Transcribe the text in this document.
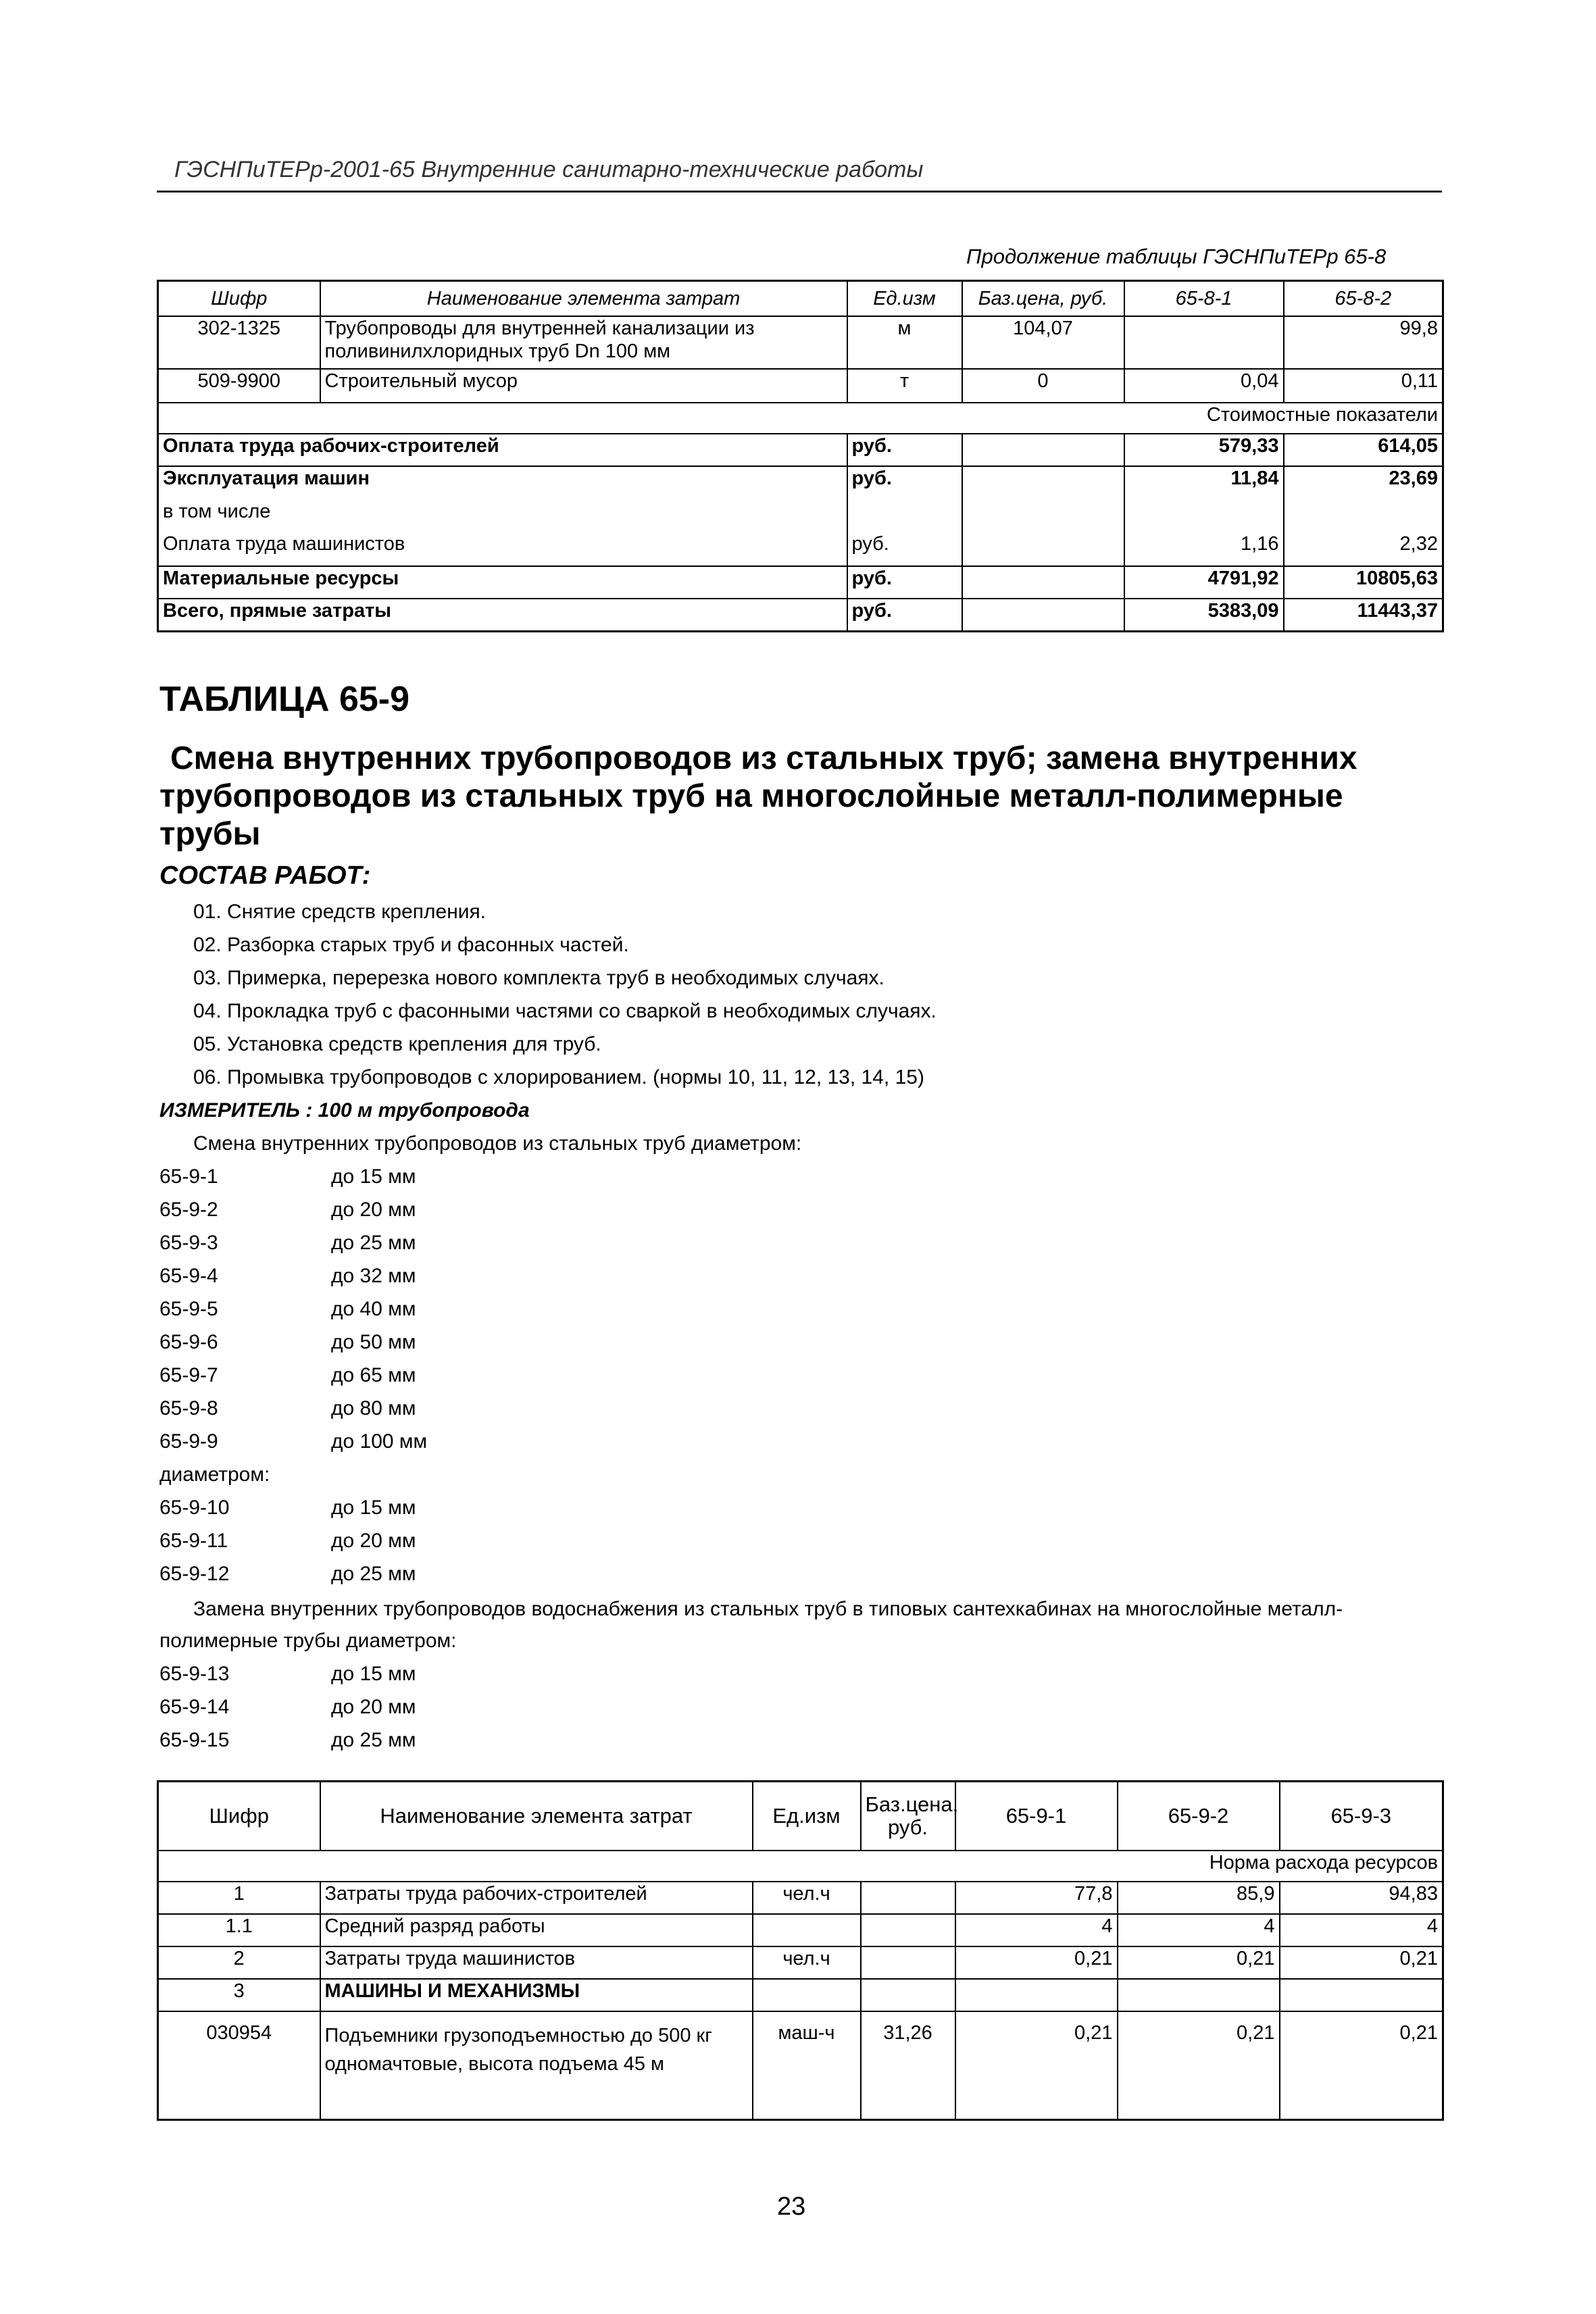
ГЭСНПиТЕРр-2001-65 Внутренние санитарно-технические работы
Продолжение таблицы ГЭСНПиТЕРр 65-8
Шифр	Наименование элемента затрат	Ед.изм	Баз.цена, руб.	65-8-1	65-8-2
302-1325	Трубопроводы для внутренней канализации из поливинилхлоридных труб Dn 100 мм	м	104,07		99,8
509-9900	Строительный мусор	т	0	0,04	0,11
Стоимостные показатели					
Оплата труда рабочих-строителей		руб.		579,33	614,05
Эксплуатация машин		руб.		11,84	23,69
в том числе					
Оплата труда машинистов		руб.		1,16	2,32
Материальные ресурсы		руб.		4791,92	10805,63
Всего, прямые затраты		руб.		5383,09	11443,37
ТАБЛИЦА 65-9
Смена внутренних трубопроводов из стальных труб; замена внутренних
трубопроводов из стальных труб на многослойные металл-полимерные
трубы
СОСТАВ РАБОТ:
01. Снятие средств крепления.
02. Разборка старых труб и фасонных частей.
03. Примерка, перерезка нового комплекта труб в необходимых случаях.
04. Прокладка труб с фасонными частями со сваркой в необходимых случаях.
05. Установка средств крепления для труб.
06. Промывка трубопроводов с хлорированием. (нормы 10, 11, 12, 13, 14, 15)
ИЗМЕРИТЕЛЬ : 100 м трубопровода
Смена внутренних трубопроводов из стальных труб диаметром:
65-9-1	до 15 мм
65-9-2	до 20 мм
65-9-3	до 25 мм
65-9-4	до 32 мм
65-9-5	до 40 мм
65-9-6	до 50 мм
65-9-7	до 65 мм
65-9-8	до 80 мм
65-9-9	до 100 мм
диаметром:
65-9-10	до 15 мм
65-9-11	до 20 мм
65-9-12	до 25 мм
Замена внутренних трубопроводов водоснабжения из стальных труб в типовых сантехкабинах на многослойные металл-
полимерные трубы диаметром:
65-9-13	до 15 мм
65-9-14	до 20 мм
65-9-15	до 25 мм
Шифр	Наименование элемента затрат	Ед.изм	Баз.цена, руб.	65-9-1	65-9-2	65-9-3
Норма расхода ресурсов						
1	Затраты труда рабочих-строителей	чел.ч		77,8	85,9	94,83
1.1	Средний разряд работы			4	4	4
2	Затраты труда машинистов	чел.ч		0,21	0,21	0,21
3	МАШИНЫ И МЕХАНИЗМЫ					
030954	Подъемники грузоподъемностью до 500 кг одномачтовые, высота подъема 45 м	маш-ч	31,26	0,21	0,21	0,21
23
